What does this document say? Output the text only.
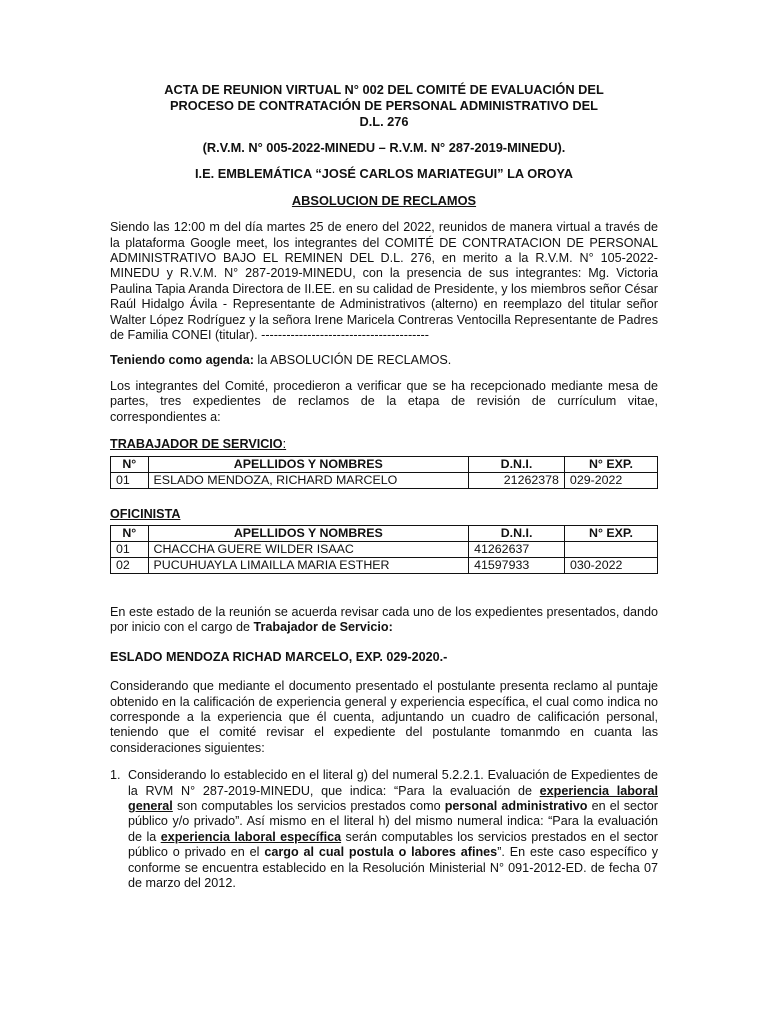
ACTA DE REUNION VIRTUAL N° 002 DEL COMITÉ DE EVALUACIÓN DEL
PROCESO DE CONTRATACIÓN DE PERSONAL ADMINISTRATIVO DEL
D.L. 276
(R.V.M. N° 005-2022-MINEDU – R.V.M. N° 287-2019-MINEDU).
I.E. EMBLEMÁTICA “JOSÉ CARLOS MARIATEGUI” LA OROYA
ABSOLUCION DE RECLAMOS

Siendo las 12:00 m del día martes 25 de enero del 2022, reunidos de manera virtual a través de la plataforma Google meet, los integrantes del COMITÉ DE CONTRATACION DE PERSONAL ADMINISTRATIVO BAJO EL REMINEN DEL D.L. 276, en merito a la R.V.M. N° 105-2022-MINEDU y R.V.M. N° 287-2019-MINEDU, con la presencia de sus integrantes: Mg. Victoria Paulina Tapia Aranda Directora de II.EE. en su calidad de Presidente, y los miembros señor César Raúl Hidalgo Ávila - Representante de Administrativos (alterno) en reemplazo del titular señor Walter López Rodríguez y la señora Irene Maricela Contreras Ventocilla Representante de Padres de Familia CONEI (titular). ----------------------------------------

Teniendo como agenda: la ABSOLUCIÓN DE RECLAMOS.

Los integrantes del Comité, procedieron a verificar que se ha recepcionado mediante mesa de partes, tres expedientes de reclamos de la etapa de revisión de currículum vitae, correspondientes a:

TRABAJADOR DE SERVICIO:
N°	APELLIDOS Y NOMBRES	D.N.I.	N° EXP.
01	ESLADO MENDOZA, RICHARD MARCELO	21262378	029-2022
OFICINISTA
N°	APELLIDOS Y NOMBRES	D.N.I.	N° EXP.
01	CHACCHA GUERE WILDER ISAAC	41262637	
02	PUCUHUAYLA LIMAILLA MARIA ESTHER	41597933	030-2022

En este estado de la reunión se acuerda revisar cada uno de los expedientes presentados, dando por inicio con el cargo de Trabajador de Servicio:

ESLADO MENDOZA RICHAD MARCELO, EXP. 029-2020.-

Considerando que mediante el documento presentado el postulante presenta reclamo al puntaje obtenido en la calificación de experiencia general y experiencia específica, el cual como indica no corresponde a la experiencia que él cuenta, adjuntando un cuadro de calificación personal, teniendo que el comité revisar el expediente del postulante tomanmdo en cuanta las consideraciones siguientes:

1. Considerando lo establecido en el literal g) del numeral 5.2.2.1. Evaluación de Expedientes de la RVM N° 287-2019-MINEDU, que indica: “Para la evaluación de experiencia laboral general son computables los servicios prestados como personal administrativo en el sector público y/o privado”. Así mismo en el literal h) del mismo numeral indica: “Para la evaluación de la experiencia laboral específica serán computables los servicios prestados en el sector público o privado en el cargo al cual postula o labores afines”. En este caso específico y conforme se encuentra establecido en la Resolución Ministerial N° 091-2012-ED. de fecha 07 de marzo del 2012.
